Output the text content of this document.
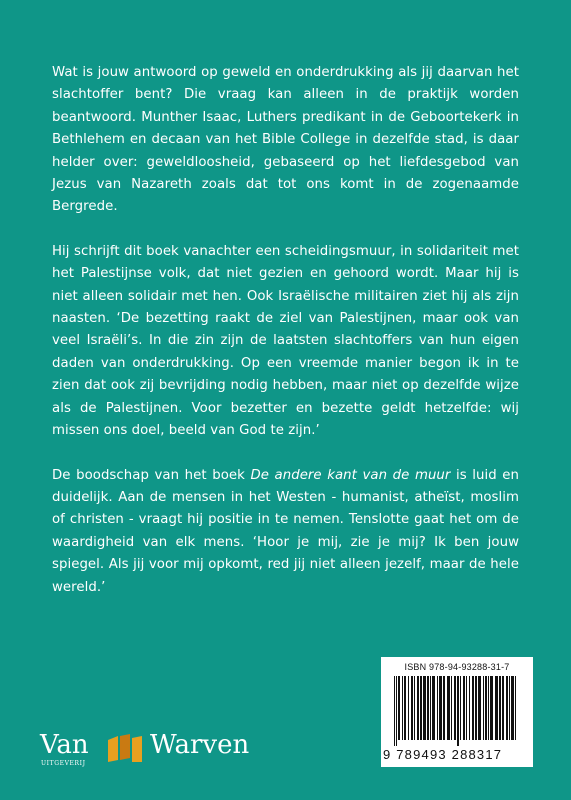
Wat is jouw antwoord op geweld en onderdrukking als jij daarvan het slachtoffer bent? Die vraag kan alleen in de praktijk worden beantwoord. Munther Isaac, Luthers predikant in de Geboortekerk in Bethlehem en decaan van het Bible College in dezelfde stad, is daar helder over: geweldloosheid, gebaseerd op het liefdesgebod van Jezus van Nazareth zoals dat tot ons komt in de zogenaamde Bergrede.

Hij schrijft dit boek vanachter een scheidingsmuur, in solidariteit met het Palestijnse volk, dat niet gezien en gehoord wordt. Maar hij is niet alleen solidair met hen. Ook Israëlische militairen ziet hij als zijn naasten. ‘De bezetting raakt de ziel van Palestijnen, maar ook van veel Israëli’s. In die zin zijn de laatsten slachtoffers van hun eigen daden van onderdrukking. Op een vreemde manier begon ik in te zien dat ook zij bevrijding nodig hebben, maar niet op dezelfde wijze als de Palestijnen. Voor bezetter en bezette geldt hetzelfde: wij missen ons doel, beeld van God te zijn.’

De boodschap van het boek De andere kant van de muur is luid en duidelijk. Aan de mensen in het Westen - humanist, atheïst, moslim of christen - vraagt hij positie in te nemen. Tenslotte gaat het om de waardigheid van elk mens. ‘Hoor je mij, zie je mij? Ik ben jouw spiegel. Als jij voor mij opkomt, red jij niet alleen jezelf, maar de hele wereld.’

ISBN 978-94-93288-31-7
9 789493 288317
Van Warven
UITGEVERIJ
